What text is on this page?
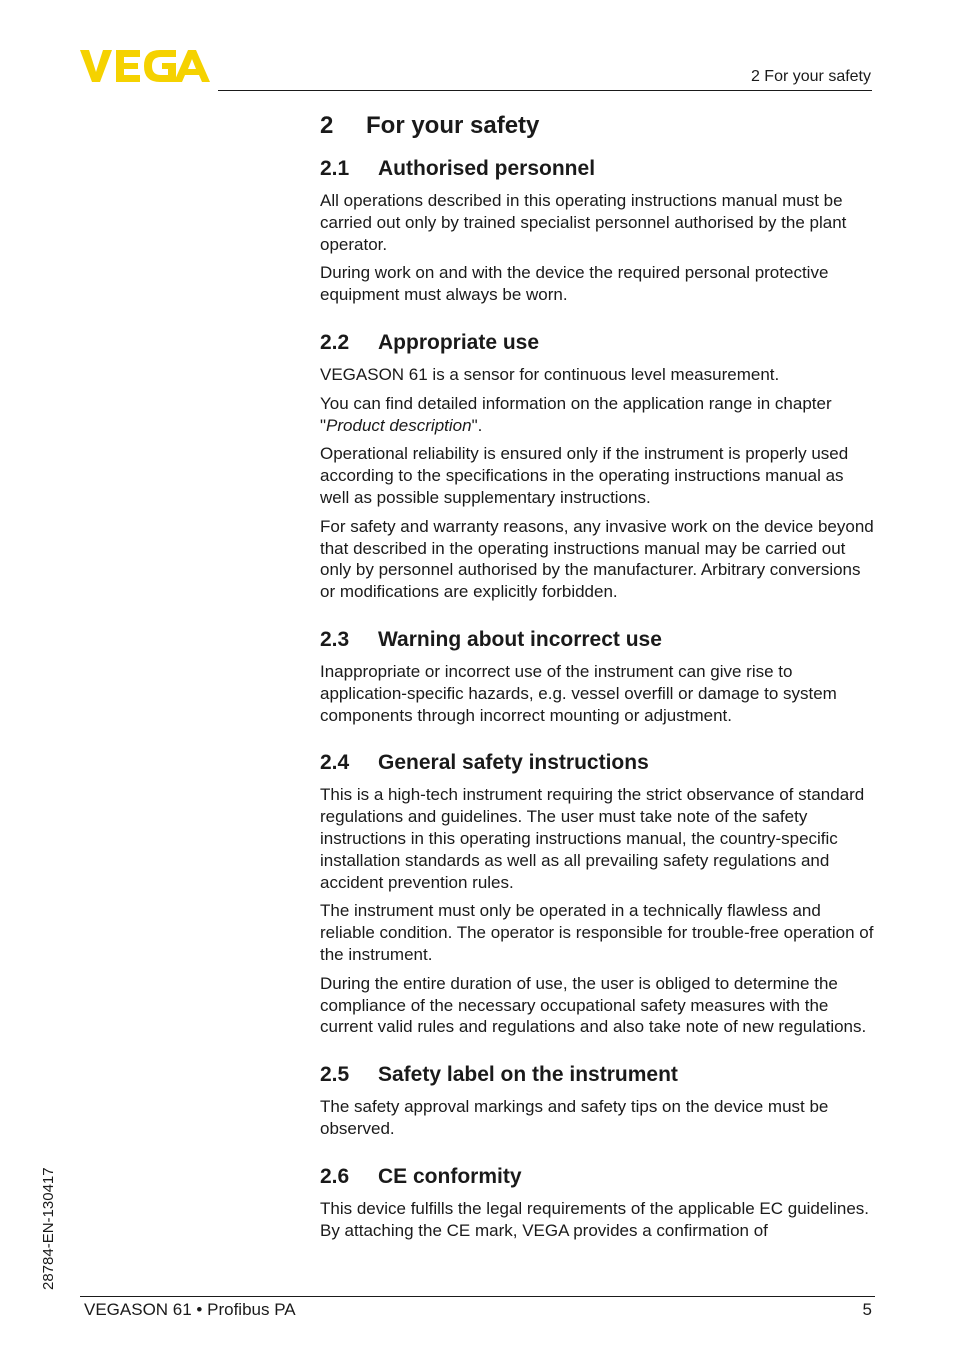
2 For your safety
2	For your safety
2.1	Authorised personnel

All operations described in this operating instructions manual must be carried out only by trained specialist personnel authorised by the plant operator.

During work on and with the device the required personal protective equipment must always be worn.

2.2	Appropriate use

VEGASON 61 is a sensor for continuous level measurement.

You can find detailed information on the application range in chapter "Product description".

Operational reliability is ensured only if the instrument is properly used according to the specifications in the operating instructions manual as well as possible supplementary instructions.

For safety and warranty reasons, any invasive work on the device beyond that described in the operating instructions manual may be carried out only by personnel authorised by the manufacturer. Arbitrary conversions or modifications are explicitly forbidden.

2.3	Warning about incorrect use

Inappropriate or incorrect use of the instrument can give rise to application-specific hazards, e.g. vessel overfill or damage to system components through incorrect mounting or adjustment.

2.4	General safety instructions

This is a high-tech instrument requiring the strict observance of standard regulations and guidelines. The user must take note of the safety instructions in this operating instructions manual, the country-specific installation standards as well as all prevailing safety regulations and accident prevention rules.

The instrument must only be operated in a technically flawless and reliable condition. The operator is responsible for trouble-free operation of the instrument.

During the entire duration of use, the user is obliged to determine the compliance of the necessary occupational safety measures with the current valid rules and regulations and also take note of new regulations.

2.5	Safety label on the instrument

The safety approval markings and safety tips on the device must be observed.

2.6	CE conformity

This device fulfills the legal requirements of the applicable EC guidelines. By attaching the CE mark, VEGA provides a confirmation of

28784-EN-130417
VEGASON 61 • Profibus PA	5
